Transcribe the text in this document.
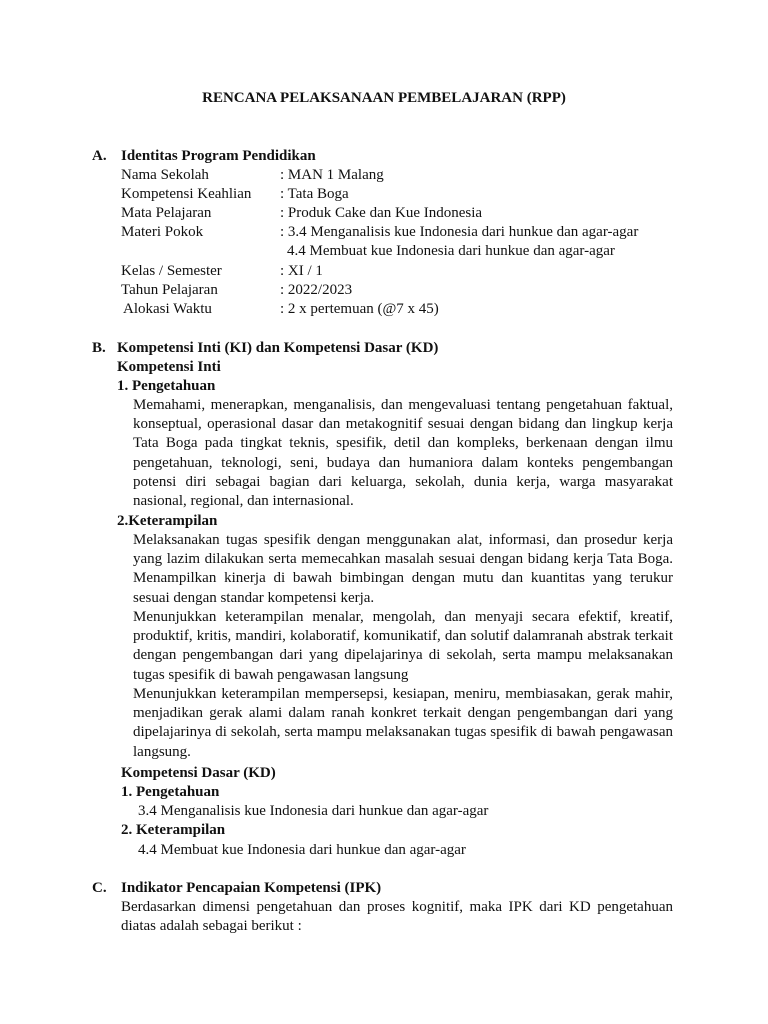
RENCANA PELAKSANAAN PEMBELAJARAN (RPP)
A. Identitas Program Pendidikan
Nama Sekolah	: MAN 1 Malang
Kompetensi Keahlian : Tata Boga
Mata Pelajaran	: Produk Cake dan Kue Indonesia
Materi Pokok	: 3.4 Menganalisis kue Indonesia dari hunkue dan agar-agar
4.4 Membuat kue Indonesia dari hunkue dan agar-agar
Kelas / Semester	: XI / 1
Tahun Pelajaran	: 2022/2023
Alokasi Waktu	: 2 x pertemuan (@7 x 45)
B. Kompetensi Inti (KI) dan Kompetensi Dasar (KD)
Kompetensi Inti
1. Pengetahuan
Memahami, menerapkan, menganalisis, dan mengevaluasi tentang pengetahuan faktual, konseptual, operasional dasar dan metakognitif sesuai dengan bidang dan lingkup kerja Tata Boga pada tingkat teknis, spesifik, detil dan kompleks, berkenaan dengan ilmu pengetahuan, teknologi, seni, budaya dan humaniora dalam konteks pengembangan potensi diri sebagai bagian dari keluarga, sekolah, dunia kerja, warga masyarakat nasional, regional, dan internasional.
2.Keterampilan
Melaksanakan tugas spesifik dengan menggunakan alat, informasi, dan prosedur kerja yang lazim dilakukan serta memecahkan masalah sesuai dengan bidang kerja Tata Boga. Menampilkan kinerja di bawah bimbingan dengan mutu dan kuantitas yang terukur sesuai dengan standar kompetensi kerja.
Menunjukkan keterampilan menalar, mengolah, dan menyaji secara efektif, kreatif, produktif, kritis, mandiri, kolaboratif, komunikatif, dan solutif dalamranah abstrak terkait dengan pengembangan dari yang dipelajarinya di sekolah, serta mampu melaksanakan tugas spesifik di bawah pengawasan langsung
Menunjukkan keterampilan mempersepsi, kesiapan, meniru, membiasakan, gerak mahir, menjadikan gerak alami dalam ranah konkret terkait dengan pengembangan dari yang dipelajarinya di sekolah, serta mampu melaksanakan tugas spesifik di bawah pengawasan langsung.
Kompetensi Dasar (KD)
1. Pengetahuan
3.4 Menganalisis kue Indonesia dari hunkue dan agar-agar
2. Keterampilan
4.4 Membuat kue Indonesia dari hunkue dan agar-agar
C. Indikator Pencapaian Kompetensi (IPK)
Berdasarkan dimensi pengetahuan dan proses kognitif, maka IPK dari KD pengetahuan diatas adalah sebagai berikut :
